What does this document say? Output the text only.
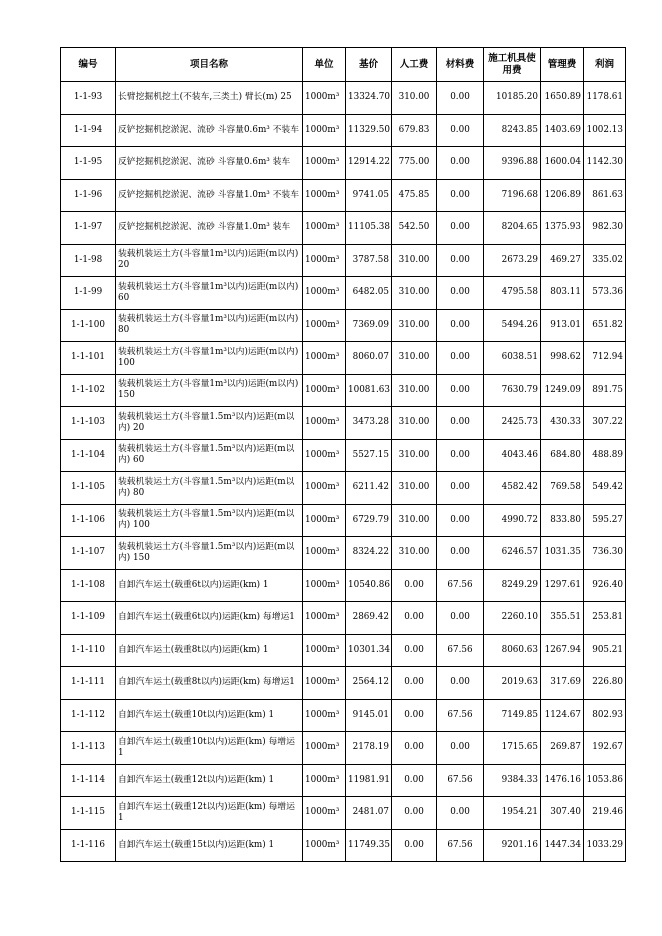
编号	项目名称	单位	基价	人工费	材料费	施工机具使用费	管理费	利润
1-1-93	长臂挖掘机挖土(不装车,三类土) 臂长(m) 25	1000m³	13324.70	310.00	0.00	10185.20	1650.89	1178.61
1-1-94	反铲挖掘机挖淤泥、流砂 斗容量0.6m³ 不装车	1000m³	11329.50	679.83	0.00	8243.85	1403.69	1002.13
1-1-95	反铲挖掘机挖淤泥、流砂 斗容量0.6m³ 装车	1000m³	12914.22	775.00	0.00	9396.88	1600.04	1142.30
1-1-96	反铲挖掘机挖淤泥、流砂 斗容量1.0m³ 不装车	1000m³	9741.05	475.85	0.00	7196.68	1206.89	861.63
1-1-97	反铲挖掘机挖淤泥、流砂 斗容量1.0m³ 装车	1000m³	11105.38	542.50	0.00	8204.65	1375.93	982.30
1-1-98	装载机装运土方(斗容量1m³以内)运距(m以内) 20	1000m³	3787.58	310.00	0.00	2673.29	469.27	335.02
1-1-99	装载机装运土方(斗容量1m³以内)运距(m以内) 60	1000m³	6482.05	310.00	0.00	4795.58	803.11	573.36
1-1-100	装载机装运土方(斗容量1m³以内)运距(m以内) 80	1000m³	7369.09	310.00	0.00	5494.26	913.01	651.82
1-1-101	装载机装运土方(斗容量1m³以内)运距(m以内) 100	1000m³	8060.07	310.00	0.00	6038.51	998.62	712.94
1-1-102	装载机装运土方(斗容量1m³以内)运距(m以内) 150	1000m³	10081.63	310.00	0.00	7630.79	1249.09	891.75
1-1-103	装载机装运土方(斗容量1.5m³以内)运距(m以内) 20	1000m³	3473.28	310.00	0.00	2425.73	430.33	307.22
1-1-104	装载机装运土方(斗容量1.5m³以内)运距(m以内) 60	1000m³	5527.15	310.00	0.00	4043.46	684.80	488.89
1-1-105	装载机装运土方(斗容量1.5m³以内)运距(m以内) 80	1000m³	6211.42	310.00	0.00	4582.42	769.58	549.42
1-1-106	装载机装运土方(斗容量1.5m³以内)运距(m以内) 100	1000m³	6729.79	310.00	0.00	4990.72	833.80	595.27
1-1-107	装载机装运土方(斗容量1.5m³以内)运距(m以内) 150	1000m³	8324.22	310.00	0.00	6246.57	1031.35	736.30
1-1-108	自卸汽车运土(载重6t以内)运距(km) 1	1000m³	10540.86	0.00	67.56	8249.29	1297.61	926.40
1-1-109	自卸汽车运土(载重6t以内)运距(km) 每增运1	1000m³	2869.42	0.00	0.00	2260.10	355.51	253.81
1-1-110	自卸汽车运土(载重8t以内)运距(km) 1	1000m³	10301.34	0.00	67.56	8060.63	1267.94	905.21
1-1-111	自卸汽车运土(载重8t以内)运距(km) 每增运1	1000m³	2564.12	0.00	0.00	2019.63	317.69	226.80
1-1-112	自卸汽车运土(载重10t以内)运距(km) 1	1000m³	9145.01	0.00	67.56	7149.85	1124.67	802.93
1-1-113	自卸汽车运土(载重10t以内)运距(km) 每增运1	1000m³	2178.19	0.00	0.00	1715.65	269.87	192.67
1-1-114	自卸汽车运土(载重12t以内)运距(km) 1	1000m³	11981.91	0.00	67.56	9384.33	1476.16	1053.86
1-1-115	自卸汽车运土(载重12t以内)运距(km) 每增运1	1000m³	2481.07	0.00	0.00	1954.21	307.40	219.46
1-1-116	自卸汽车运土(载重15t以内)运距(km) 1	1000m³	11749.35	0.00	67.56	9201.16	1447.34	1033.29
